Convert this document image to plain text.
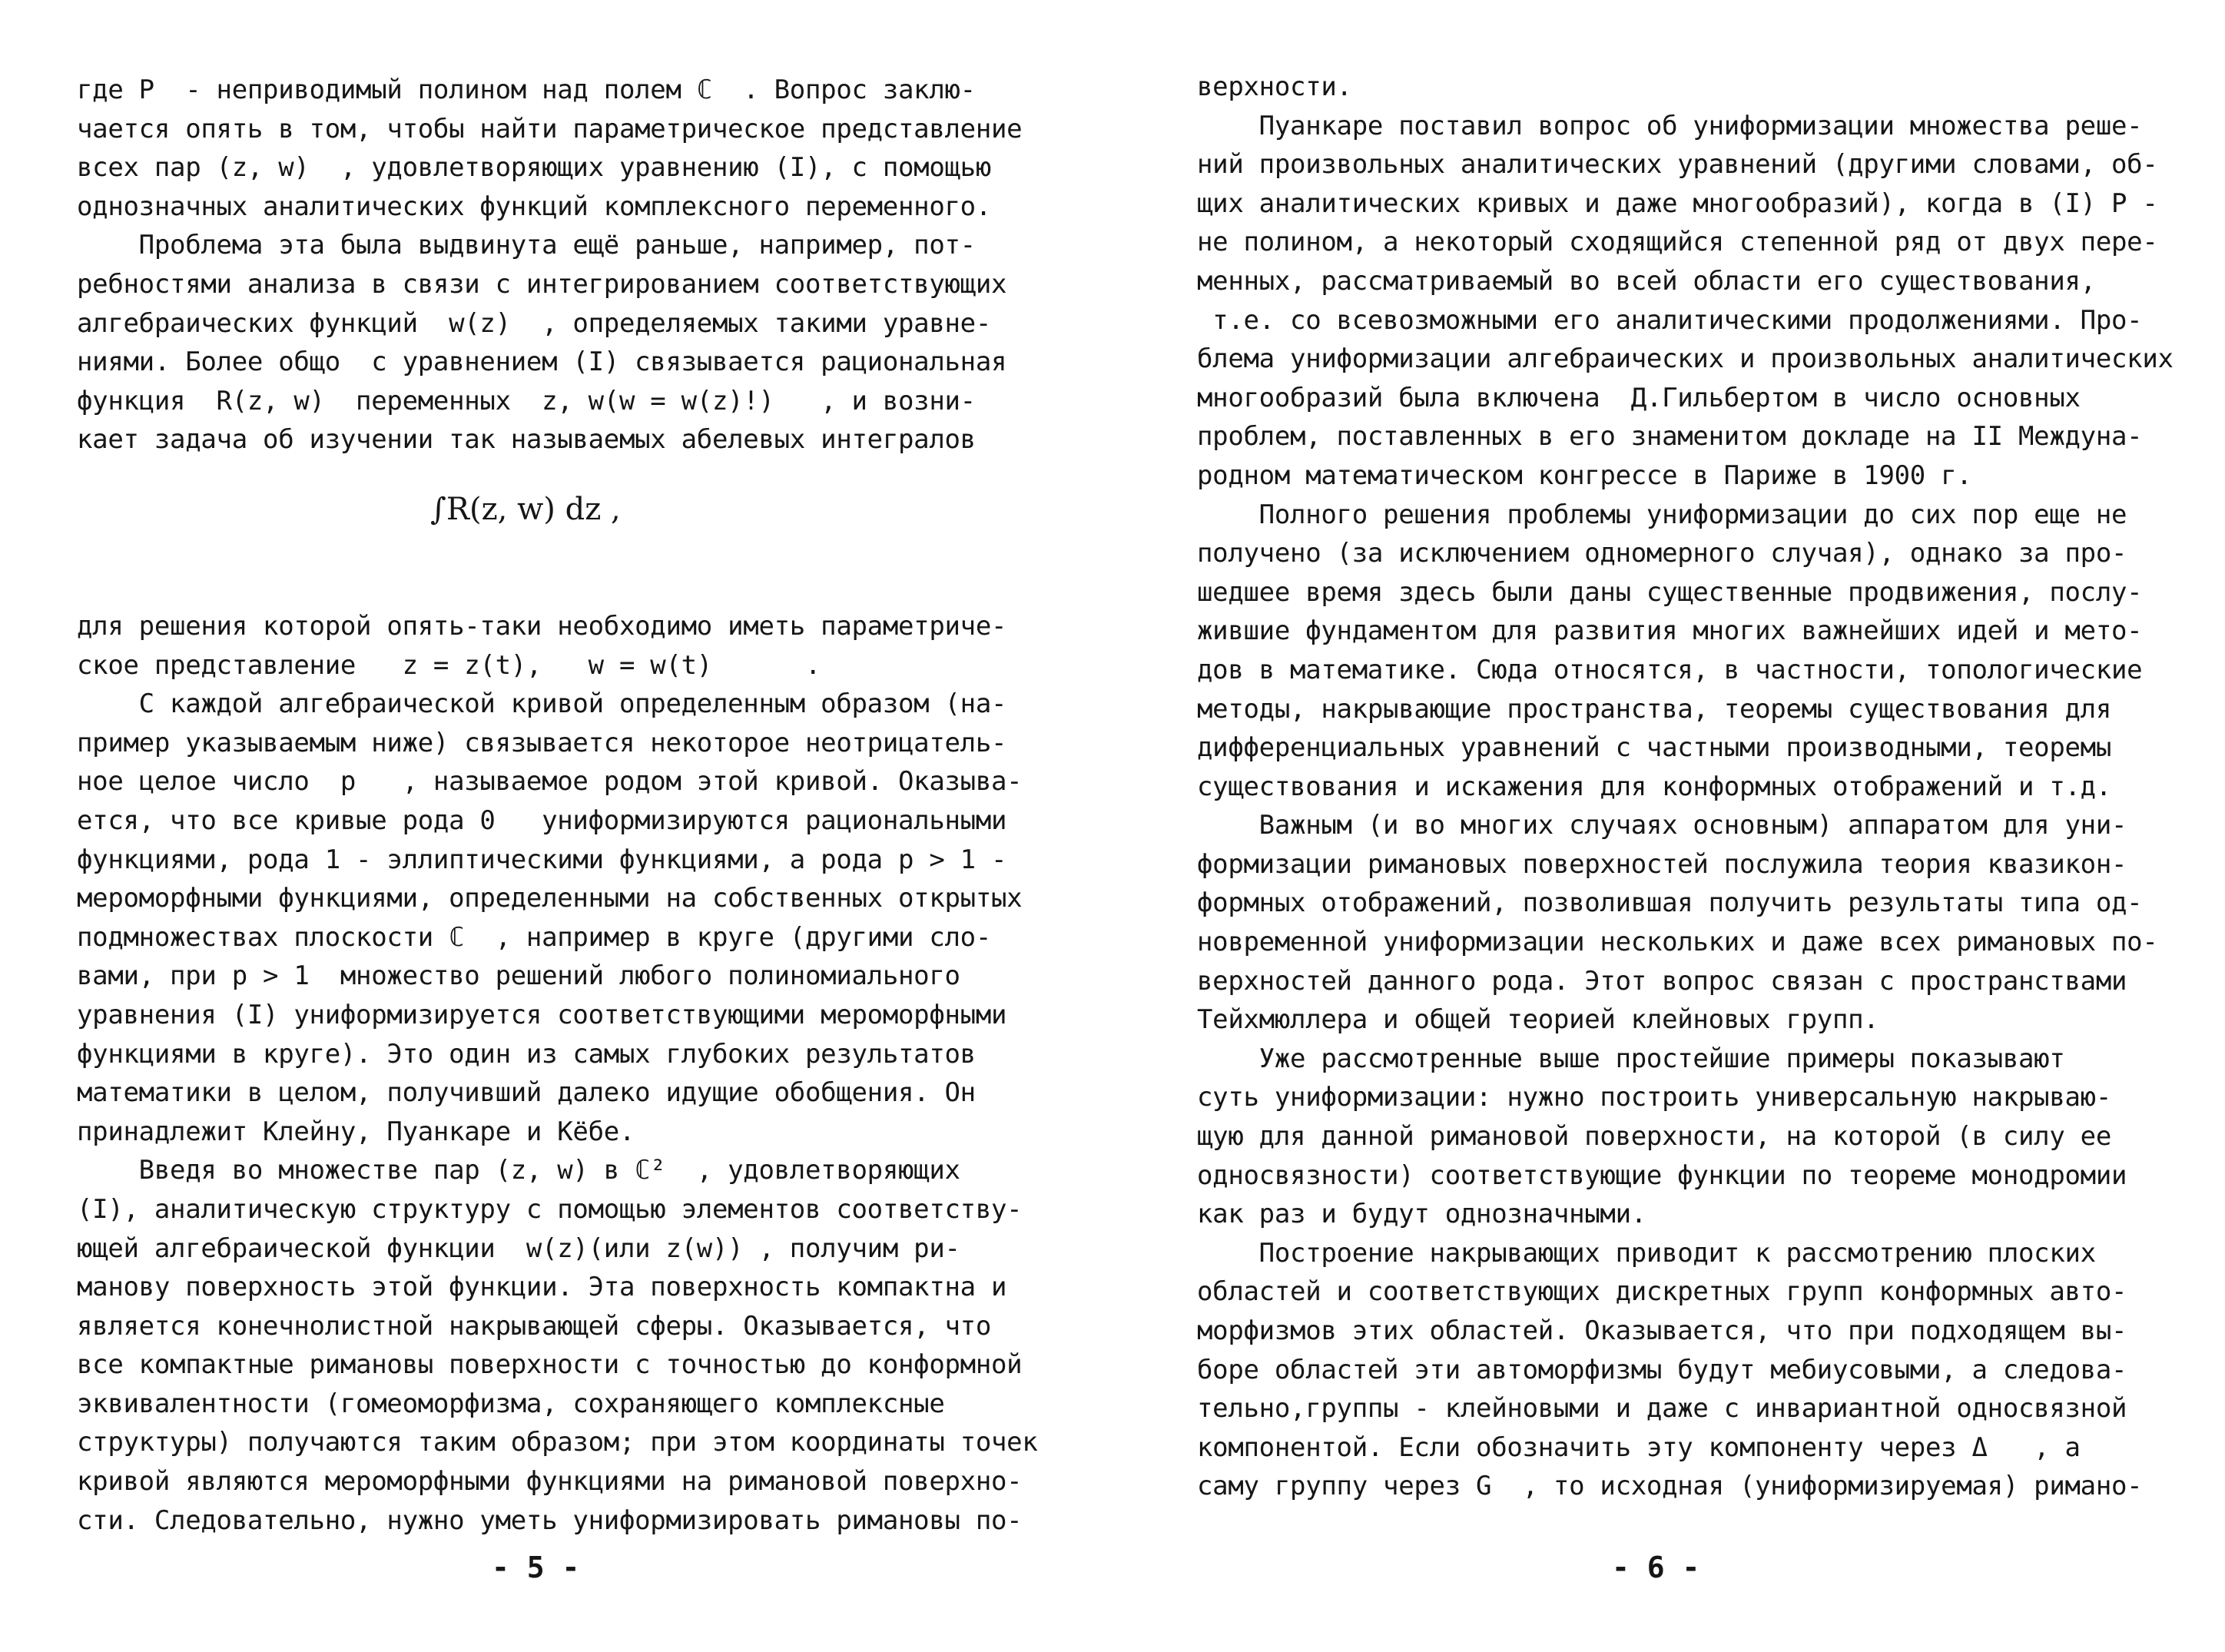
где P  - неприводимый полином над полем ℂ  . Вопрос заклю-
чается опять в том, чтобы найти параметрическое представление
всех пар (z, w)  , удовлетворяющих уравнению (I), с помощью
однозначных аналитических функций комплексного переменного.
Проблема эта была выдвинута ещё раньше, например, пот-
ребностями анализа в связи с интегрированием соответствующих
алгебраических функций  w(z)  , определяемых такими уравне-
ниями. Более общо  с уравнением (I) связывается рациональная
функция  R(z, w)  переменных  z, w(w = w(z)!)   , и возни-
кает задача об изучении так называемых абелевых интегралов
∫R(z, w) dz ,
для решения которой опять-таки необходимо иметь параметриче-
ское представление   z = z(t),   w = w(t)      .
С каждой алгебраической кривой определенным образом (на-
пример указываемым ниже) связывается некоторое неотрицатель-
ное целое число  p   , называемое родом этой кривой. Оказыва-
ется, что все кривые рода 0   униформизируются рациональными
функциями, рода 1 - эллиптическими функциями, а рода p > 1 -
мероморфными функциями, определенными на собственных открытых
подмножествах плоскости ℂ  , например в круге (другими сло-
вами, при p > 1  множество решений любого полиномиального
уравнения (I) униформизируется соответствующими мероморфными
функциями в круге). Это один из самых глубоких результатов
математики в целом, получивший далеко идущие обобщения. Он
принадлежит Клейну, Пуанкаре и Кёбе.
Введя во множестве пар (z, w) в ℂ²  , удовлетворяющих
(I), аналитическую структуру с помощью элементов соответству-
ющей алгебраической функции  w(z)(или z(w)) , получим ри-
манову поверхность этой функции. Эта поверхность компактна и
является конечнолистной накрывающей сферы. Оказывается, что
все компактные римановы поверхности с точностью до конформной
эквивалентности (гомеоморфизма, сохраняющего комплексные
структуры) получаются таким образом; при этом координаты точек
кривой являются мероморфными функциями на римановой поверхно-
сти. Следовательно, нужно уметь униформизировать римановы по-
- 5 -
верхности.
Пуанкаре поставил вопрос об униформизации множества реше-
ний произвольных аналитических уравнений (другими словами, об-
щих аналитических кривых и даже многообразий), когда в (I) P -
не полином, а некоторый сходящийся степенной ряд от двух пере-
менных, рассматриваемый во всей области его существования,
т.е. со всевозможными его аналитическими продолжениями. Про-
блема униформизации алгебраических и произвольных аналитических
многообразий была включена  Д.Гильбертом в число основных
проблем, поставленных в его знаменитом докладе на II Междуна-
родном математическом конгрессе в Париже в 1900 г.
Полного решения проблемы униформизации до сих пор еще не
получено (за исключением одномерного случая), однако за про-
шедшее время здесь были даны существенные продвижения, послу-
жившие фундаментом для развития многих важнейших идей и мето-
дов в математике. Сюда относятся, в частности, топологические
методы, накрывающие пространства, теоремы существования для
дифференциальных уравнений с частными производными, теоремы
существования и искажения для конформных отображений и т.д.
Важным (и во многих случаях основным) аппаратом для уни-
формизации римановых поверхностей послужила теория квазикон-
формных отображений, позволившая получить результаты типа од-
новременной униформизации нескольких и даже всех римановых по-
верхностей данного рода. Этот вопрос связан с пространствами
Тейхмюллера и общей теорией клейновых групп.
Уже рассмотренные выше простейшие примеры показывают
суть униформизации: нужно построить универсальную накрываю-
щую для данной римановой поверхности, на которой (в силу ее
односвязности) соответствующие функции по теореме монодромии
как раз и будут однозначными.
Построение накрывающих приводит к рассмотрению плоских
областей и соответствующих дискретных групп конформных авто-
морфизмов этих областей. Оказывается, что при подходящем вы-
боре областей эти автоморфизмы будут мебиусовыми, а следова-
тельно,группы - клейновыми и даже с инвариантной односвязной
компонентой. Если обозначить эту компоненту через Δ   , а
саму группу через G  , то исходная (униформизируемая) римано-
- 6 -
